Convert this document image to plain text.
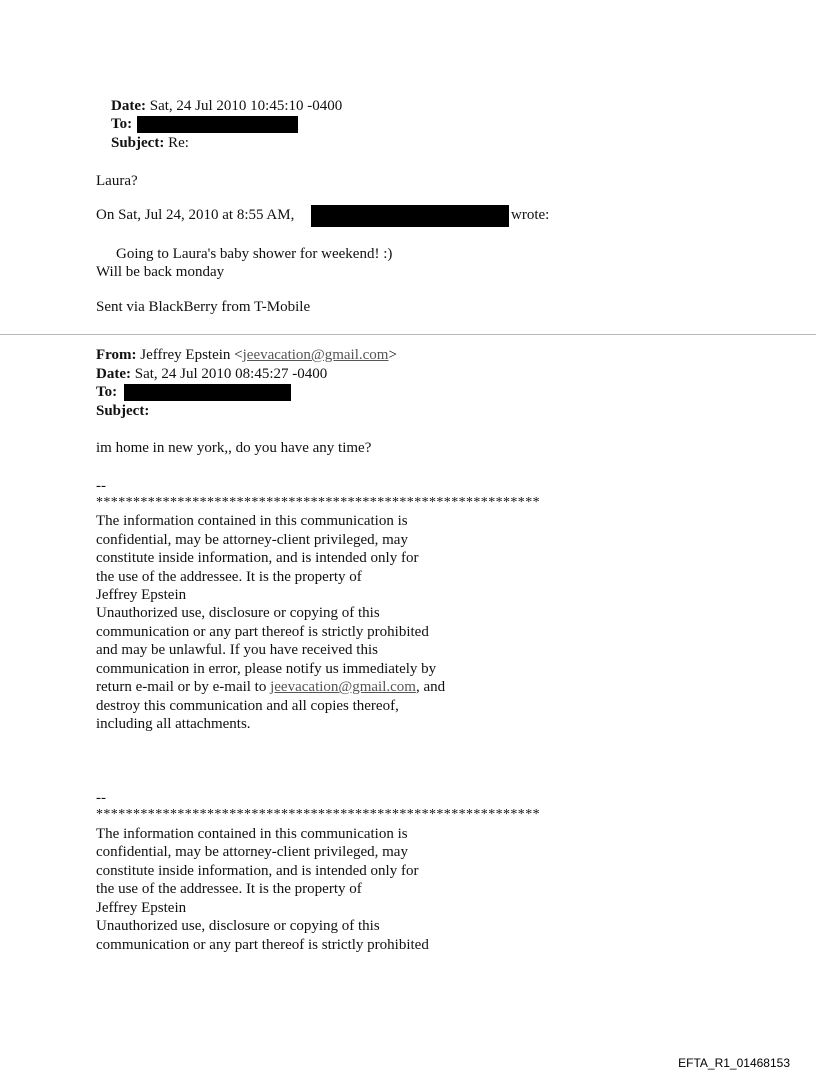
Date: Sat, 24 Jul 2010 10:45:10 -0400
To:
Subject: Re:
Laura?
On Sat, Jul 24, 2010 at 8:55 AM,	wrote:
Going to Laura's baby shower for weekend! :)
Will be back monday
Sent via BlackBerry from T-Mobile
From: Jeffrey Epstein <jeevacation@gmail.com>
Date: Sat, 24 Jul 2010 08:45:27 -0400
To:
Subject:
im home in new york,, do you have any time?
--
************************************************************
The information contained in this communication is
confidential, may be attorney-client privileged, may
constitute inside information, and is intended only for
the use of the addressee. It is the property of
Jeffrey Epstein
Unauthorized use, disclosure or copying of this
communication or any part thereof is strictly prohibited
and may be unlawful. If you have received this
communication in error, please notify us immediately by
return e-mail or by e-mail to jeevacation@gmail.com, and
destroy this communication and all copies thereof,
including all attachments.
--
************************************************************
The information contained in this communication is
confidential, may be attorney-client privileged, may
constitute inside information, and is intended only for
the use of the addressee. It is the property of
Jeffrey Epstein
Unauthorized use, disclosure or copying of this
communication or any part thereof is strictly prohibited
EFTA_R1_01468153
